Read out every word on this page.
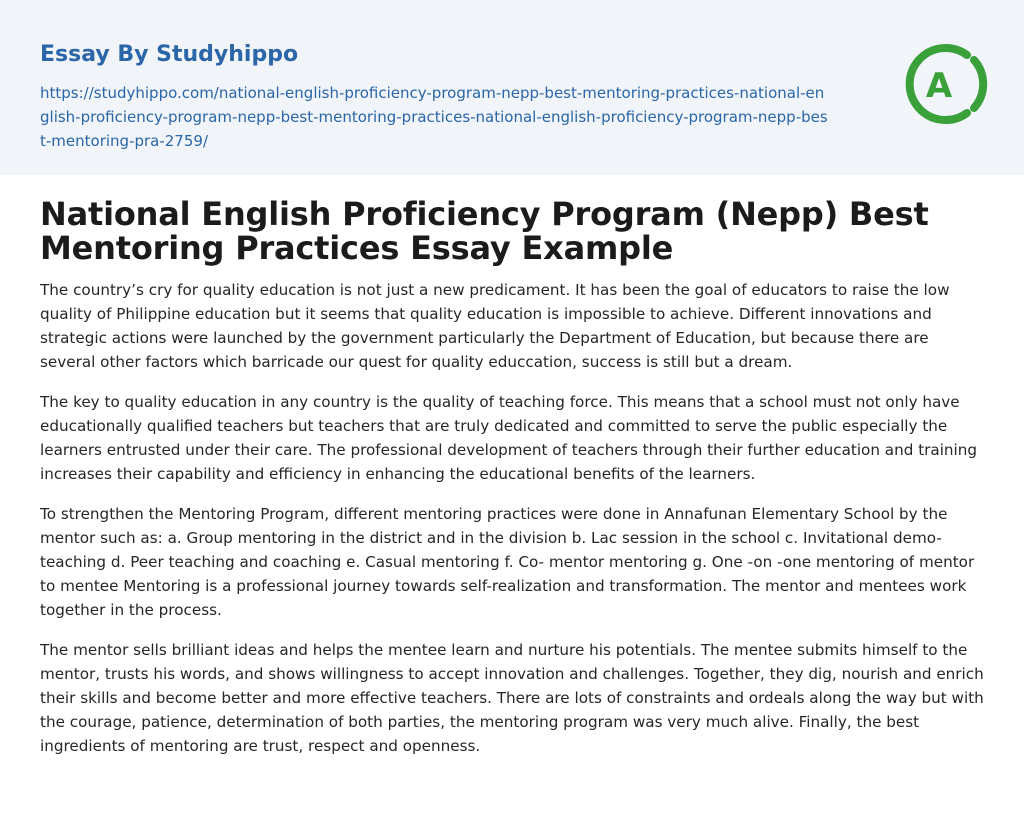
Essay By Studyhippo
https://studyhippo.com/national-english-proficiency-program-nepp-best-mentoring-practices-national-english-proficiency-program-nepp-best-mentoring-practices-national-english-proficiency-program-nepp-best-mentoring-pra-2759/
A
National English Proficiency Program (Nepp) Best Mentoring Practices Essay Example

The country’s cry for quality education is not just a new predicament. It has been the goal of educators to raise the low quality of Philippine education but it seems that quality education is impossible to achieve. Different innovations and strategic actions were launched by the government particularly the Department of Education, but because there are several other factors which barricade our quest for quality educcation, success is still but a dream.

The key to quality education in any country is the quality of teaching force. This means that a school must not only have educationally qualified teachers but teachers that are truly dedicated and committed to serve the public especially the learners entrusted under their care. The professional development of teachers through their further education and training increases their capability and efficiency in enhancing the educational benefits of the learners.

To strengthen the Mentoring Program, different mentoring practices were done in Annafunan Elementary School by the mentor such as: a. Group mentoring in the district and in the division b. Lac session in the school c. Invitational demo-teaching d. Peer teaching and coaching e. Casual mentoring f. Co- mentor mentoring g. One -on -one mentoring of mentor to mentee Mentoring is a professional journey towards self-realization and transformation. The mentor and mentees work together in the process.

The mentor sells brilliant ideas and helps the mentee learn and nurture his potentials. The mentee submits himself to the mentor, trusts his words, and shows willingness to accept innovation and challenges. Together, they dig, nourish and enrich their skills and become better and more effective teachers. There are lots of constraints and ordeals along the way but with the courage, patience, determination of both parties, the mentoring program was very much alive. Finally, the best ingredients of mentoring are trust, respect and openness.
